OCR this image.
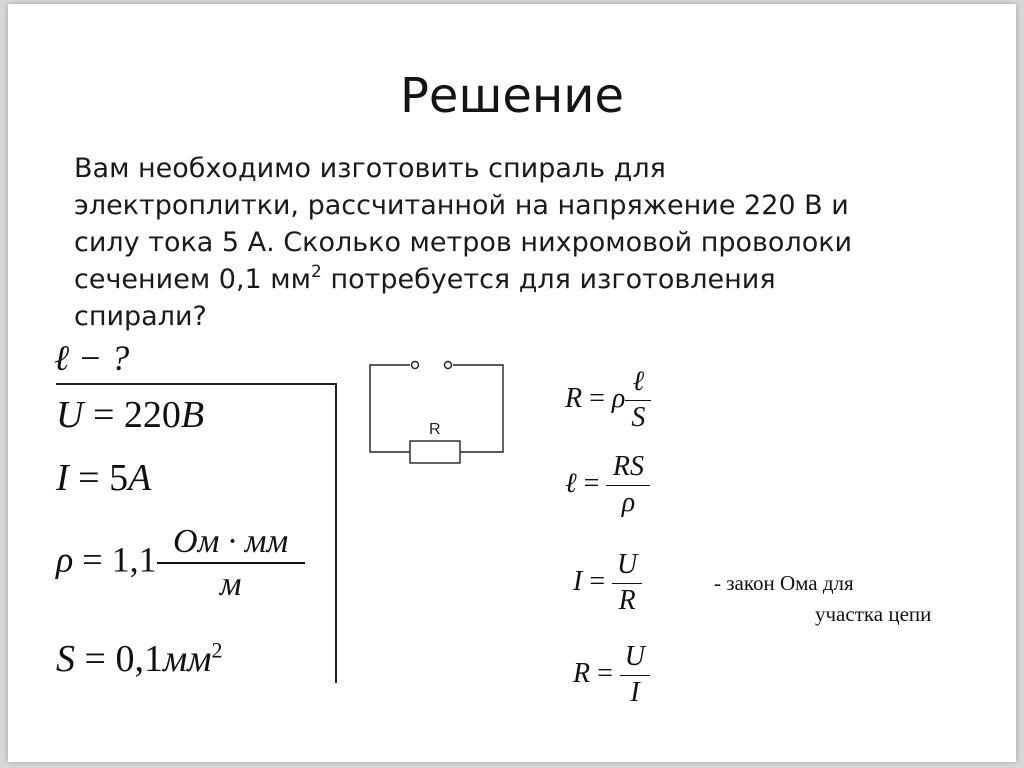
Решение

Вам необходимо изготовить спираль для
электроплитки, рассчитанной на напряжение 220 В и
силу тока 5 А. Сколько метров нихромовой проволоки
сечением 0,1 $мм^2$ потребуется для изготовления
спирали?

ℓ − ?
U = 220B
I = 5A
$\rho = 1,1 \frac{Ом \cdot мм}{м}$
$S = 0,1мм^2$
R
R = ρ $\frac{\text{ℓ}}{S}$
ℓ = $\frac{RS}{\rho}$
$I = \frac{U}{R}$
$R = \frac{U}{I}$
- закон Ома для
участка цепи
